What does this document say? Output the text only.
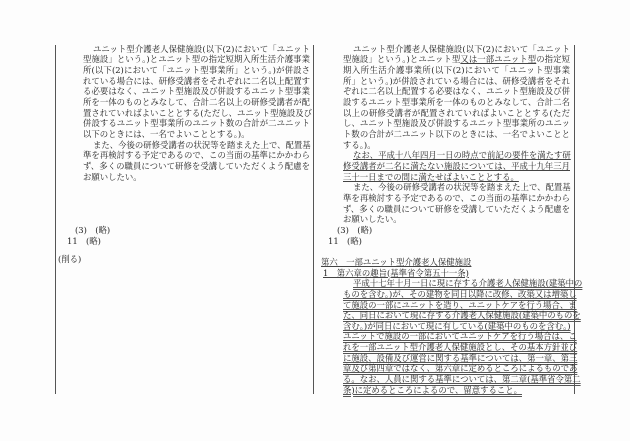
ユニット型介護老人保健施設(以下(2)において「ユニット
型施設」という。)とユニット型の指定短期入所生活介護事業
所(以下(2)において「ユニット型事業所」という。)が併設さ
れている場合には、研修受講者をそれぞれに二名以上配置す
る必要はなく、ユニット型施設及び併設するユニット型事業
所を一体のものとみなして、合計二名以上の研修受講者が配
置されていればよいこととする(ただし、ユニット型施設及び
併設するユニット型事業所のユニット数の合計が二ユニット
以下のときには、一名でよいこととする。)。
また、今後の研修受講者の状況等を踏まえた上で、配置基
準を再検討する予定であるので、この当面の基準にかかわら
ず、多くの職員について研修を受講していただくよう配慮を
お願いしたい。
(3)　(略)
11　(略)
(削る)
ユニット型介護老人保健施設(以下(2)において「ユニット
型施設」という。)とユニット型又は一部ユニット型の指定短
期入所生活介護事業所(以下(2)において「ユニット型事業
所」という。)が併設されている場合には、研修受講者をそれ
ぞれに二名以上配置する必要はなく、ユニット型施設及び併
設するユニット型事業所を一体のものとみなして、合計二名
以上の研修受講者が配置されていればよいこととする(ただ
し、ユニット型施設及び併設するユニット型事業所のユニッ
ト数の合計が二ユニット以下のときには、一名でよいことと
する。)。
なお、平成十八年四月一日の時点で前記の要件を満たす研
修受講者が二名に満たない施設については、平成十九年三月
三十一日までの間に満たせばよいこととする。
また、今後の研修受講者の状況等を踏まえた上で、配置基
準を再検討する予定であるので、この当面の基準にかかわら
ず、多くの職員について研修を受講していただくよう配慮を
お願いしたい。
(3)　(略)
11　(略)
第六　一部ユニット型介護老人保健施設
1　第六章の趣旨(基準省令第五十一条)
平成十七年十月一日に現に存する介護老人保健施設(建築中の
ものを含む。)が、その建物を同日以降に改修、改築又は増築し
て施設の一部にユニットを造り、ユニットケアを行う場合、ま
た、同日において現に存する介護老人保健施設(建築中のものを
含む。)が同日において現に有している(建築中のものを含む。)
ユニットで施設の一部においてユニットケアを行う場合は、こ
れを一部ユニット型介護老人保健施設とし、その基本方針並び
に施設、設備及び運営に関する基準については、第一章、第三
章及び第四章ではなく、第六章に定めるところによるものであ
る。なお、人員に関する基準については、第二章(基準省令第二
条)に定めるところによるので、留意すること。
